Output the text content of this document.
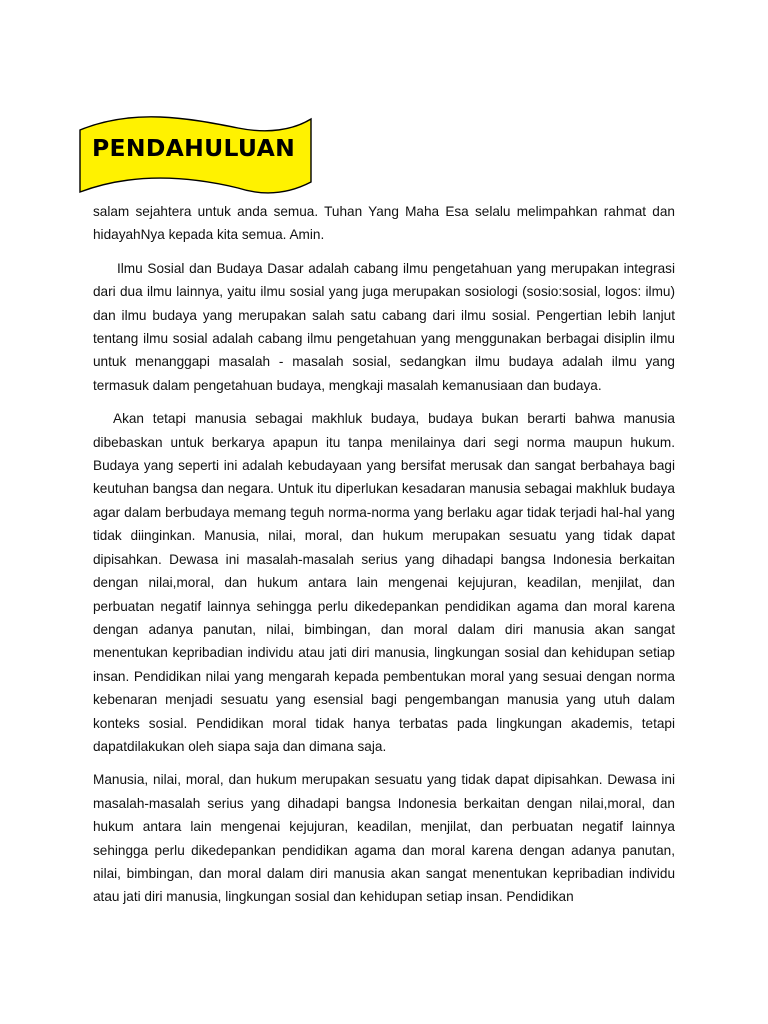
PENDAHULUAN

salam sejahtera untuk anda semua. Tuhan Yang Maha Esa selalu melimpahkan rahmat dan hidayahNya kepada kita semua. Amin.

Ilmu Sosial dan Budaya Dasar adalah cabang ilmu pengetahuan yang merupakan integrasi dari dua ilmu lainnya, yaitu ilmu sosial yang juga merupakan sosiologi (sosio:sosial, logos: ilmu) dan ilmu budaya yang merupakan salah satu cabang dari ilmu sosial. Pengertian lebih lanjut tentang ilmu sosial adalah cabang ilmu pengetahuan yang menggunakan berbagai disiplin ilmu untuk menanggapi masalah - masalah sosial, sedangkan ilmu budaya adalah ilmu yang termasuk dalam pengetahuan budaya, mengkaji masalah kemanusiaan dan budaya.

Akan tetapi manusia sebagai makhluk budaya, budaya bukan berarti bahwa manusia dibebaskan untuk berkarya apapun itu tanpa menilainya dari segi norma maupun hukum. Budaya yang seperti ini adalah kebudayaan yang bersifat merusak dan sangat berbahaya bagi keutuhan bangsa dan negara. Untuk itu diperlukan kesadaran manusia sebagai makhluk budaya agar dalam berbudaya memang teguh norma-norma yang berlaku agar tidak terjadi hal-hal yang tidak diinginkan. Manusia, nilai, moral, dan hukum merupakan sesuatu yang tidak dapat dipisahkan. Dewasa ini masalah-masalah serius yang dihadapi bangsa Indonesia berkaitan dengan nilai,moral, dan hukum antara lain mengenai kejujuran, keadilan, menjilat, dan perbuatan negatif lainnya sehingga perlu dikedepankan pendidikan agama dan moral karena dengan adanya panutan, nilai, bimbingan, dan moral dalam diri manusia akan sangat menentukan kepribadian individu atau jati diri manusia, lingkungan sosial dan kehidupan setiap insan. Pendidikan nilai yang mengarah kepada pembentukan moral yang sesuai dengan norma kebenaran menjadi sesuatu yang esensial bagi pengembangan manusia yang utuh dalam konteks sosial. Pendidikan moral tidak hanya terbatas pada lingkungan akademis, tetapi dapatdilakukan oleh siapa saja dan dimana saja.

Manusia, nilai, moral, dan hukum merupakan sesuatu yang tidak dapat dipisahkan. Dewasa ini masalah-masalah serius yang dihadapi bangsa Indonesia berkaitan dengan nilai,moral, dan hukum antara lain mengenai kejujuran, keadilan, menjilat, dan perbuatan negatif lainnya sehingga perlu dikedepankan pendidikan agama dan moral karena dengan adanya panutan, nilai, bimbingan, dan moral dalam diri manusia akan sangat menentukan kepribadian individu atau jati diri manusia, lingkungan sosial dan kehidupan setiap insan. Pendidikan
